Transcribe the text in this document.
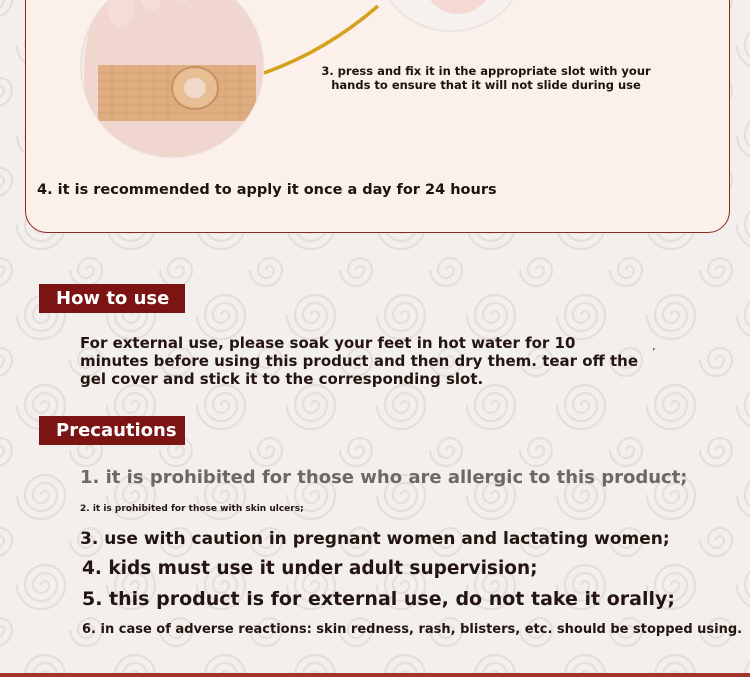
3. press and fix it in the appropriate slot with your hands to ensure that it will not slide during use
4. it is recommended to apply it once a day for 24 hours
How to use
For external use, please soak your feet in hot water for 10 minutes before using this product and then dry them. tear off the gel cover and stick it to the corresponding slot.
ʼ
Precautions
1. it is prohibited for those who are allergic to this product;
2. it is prohibited for those with skin ulcers;
3. use with caution in pregnant women and lactating women;
4. kids must use it under adult supervision;
5. this product is for external use, do not take it orally;
6. in case of adverse reactions: skin redness, rash, blisters, etc. should be stopped using.
